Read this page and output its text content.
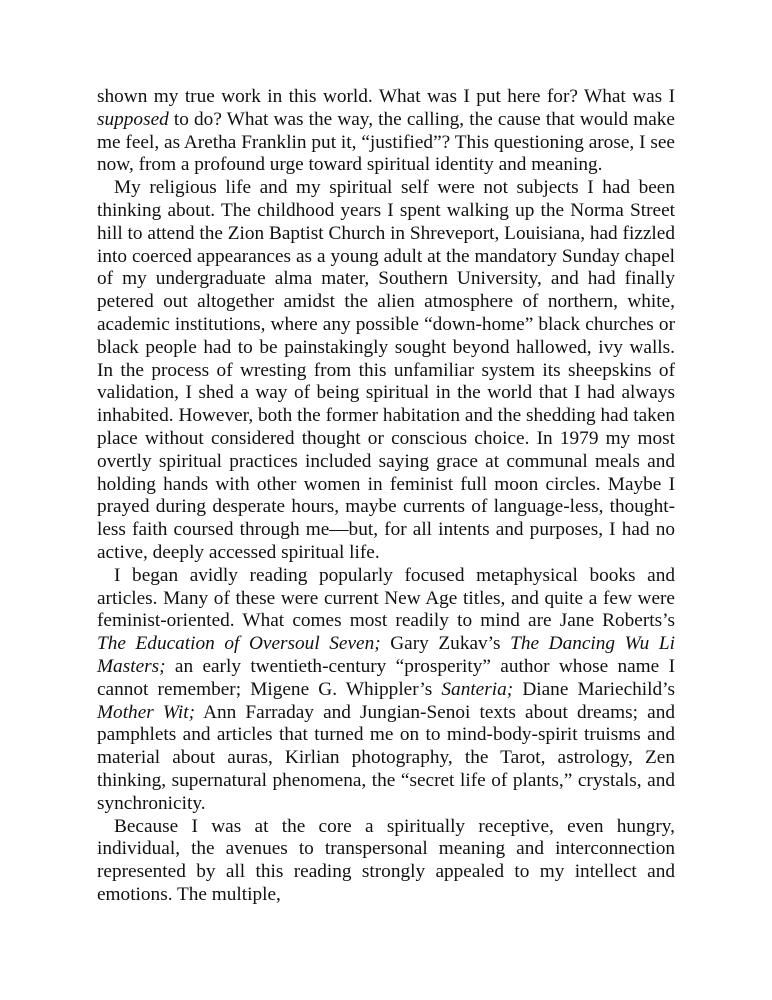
shown my true work in this world. What was I put here for? What was I supposed to do? What was the way, the calling, the cause that would make me feel, as Aretha Franklin put it, “justified”? This questioning arose, I see now, from a profound urge toward spiritual identity and meaning.

My religious life and my spiritual self were not subjects I had been thinking about. The childhood years I spent walking up the Norma Street hill to attend the Zion Baptist Church in Shreveport, Louisiana, had fizzled into coerced appearances as a young adult at the mandatory Sunday chapel of my undergraduate alma mater, Southern University, and had finally petered out altogether amidst the alien atmosphere of northern, white, academic institutions, where any possible “down-home” black churches or black people had to be painstakingly sought beyond hallowed, ivy walls. In the process of wresting from this unfamiliar system its sheepskins of validation, I shed a way of being spiritual in the world that I had always inhabited. However, both the former habitation and the shedding had taken place without considered thought or conscious choice. In 1979 my most overtly spiritual practices included saying grace at communal meals and holding hands with other women in feminist full moon circles. Maybe I prayed during desperate hours, maybe currents of language-less, thought-less faith coursed through me—but, for all intents and purposes, I had no active, deeply accessed spiritual life.

I began avidly reading popularly focused metaphysical books and articles. Many of these were current New Age titles, and quite a few were feminist-oriented. What comes most readily to mind are Jane Roberts’s The Education of Oversoul Seven; Gary Zukav’s The Dancing Wu Li Masters; an early twentieth-century “prosperity” author whose name I cannot remember; Migene G. Whippler’s Santeria; Diane Mariechild’s Mother Wit; Ann Farraday and Jungian-Senoi texts about dreams; and pamphlets and articles that turned me on to mind-body-spirit truisms and material about auras, Kirlian photography, the Tarot, astrology, Zen thinking, supernatural phenomena, the “secret life of plants,” crystals, and synchronicity.

Because I was at the core a spiritually receptive, even hungry, individual, the avenues to transpersonal meaning and interconnection represented by all this reading strongly appealed to my intellect and emotions. The multiple,
